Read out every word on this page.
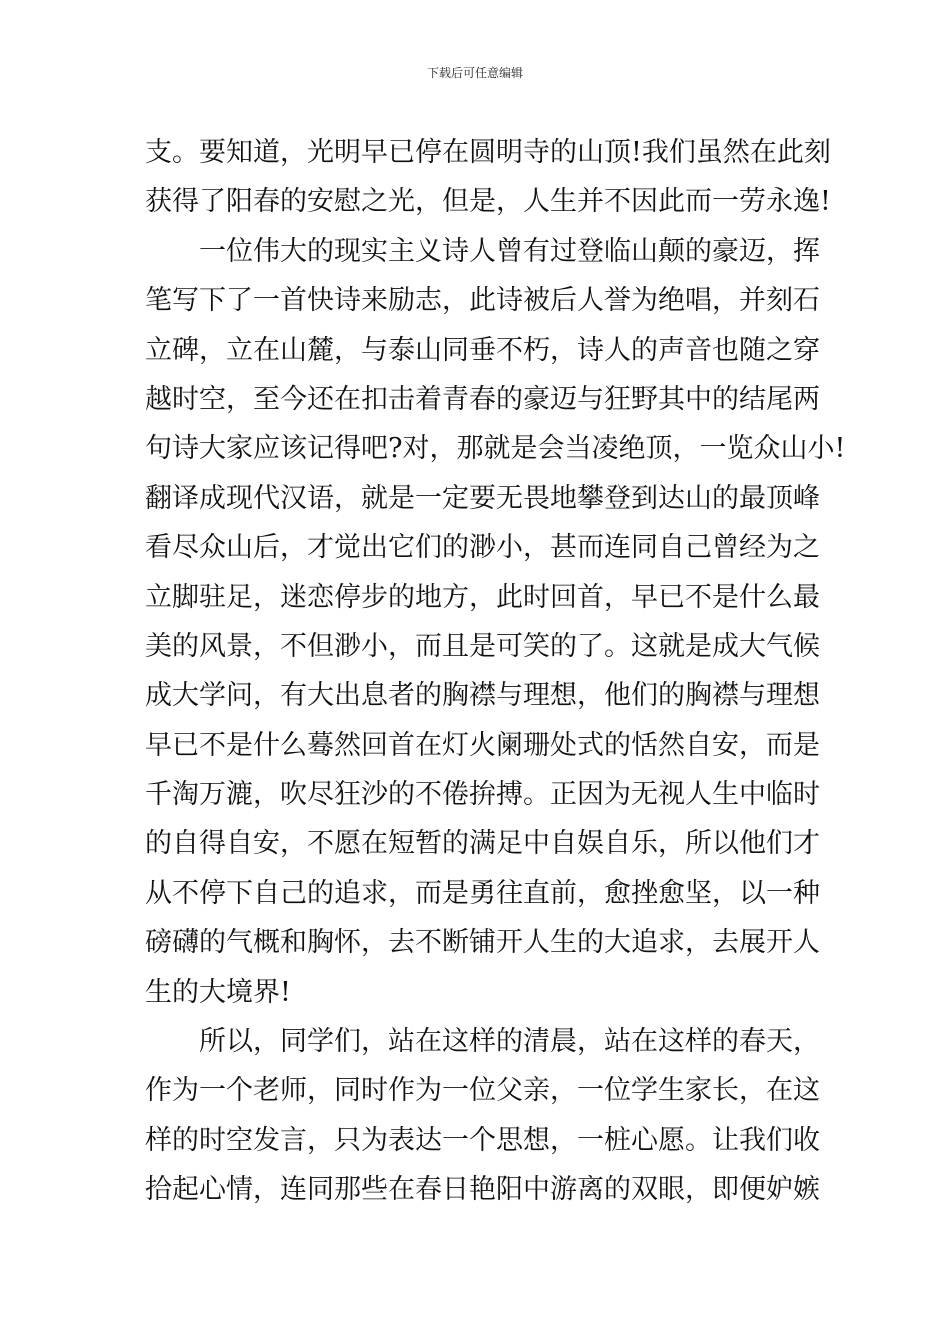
下载后可任意编辑
支。要知道，光明早已停在圆明寺的山顶!我们虽然在此刻
获得了阳春的安慰之光，但是，人生并不因此而一劳永逸!
一位伟大的现实主义诗人曾有过登临山颠的豪迈，挥
笔写下了一首快诗来励志，此诗被后人誉为绝唱，并刻石
立碑，立在山麓，与泰山同垂不朽，诗人的声音也随之穿
越时空，至今还在扣击着青春的豪迈与狂野其中的结尾两
句诗大家应该记得吧?对，那就是会当凌绝顶，一览众山小!
翻译成现代汉语，就是一定要无畏地攀登到达山的最顶峰
看尽众山后，才觉出它们的渺小，甚而连同自己曾经为之
立脚驻足，迷恋停步的地方，此时回首，早已不是什么最
美的风景，不但渺小，而且是可笑的了。这就是成大气候
成大学问，有大出息者的胸襟与理想，他们的胸襟与理想
早已不是什么蓦然回首在灯火阑珊处式的恬然自安，而是
千淘万漉，吹尽狂沙的不倦拚搏。正因为无视人生中临时
的自得自安，不愿在短暂的满足中自娱自乐，所以他们才
从不停下自己的追求，而是勇往直前，愈挫愈坚，以一种
磅礴的气概和胸怀，去不断铺开人生的大追求，去展开人
生的大境界!
所以，同学们，站在这样的清晨，站在这样的春天，
作为一个老师，同时作为一位父亲，一位学生家长，在这
样的时空发言，只为表达一个思想，一桩心愿。让我们收
拾起心情，连同那些在春日艳阳中游离的双眼，即便妒嫉
